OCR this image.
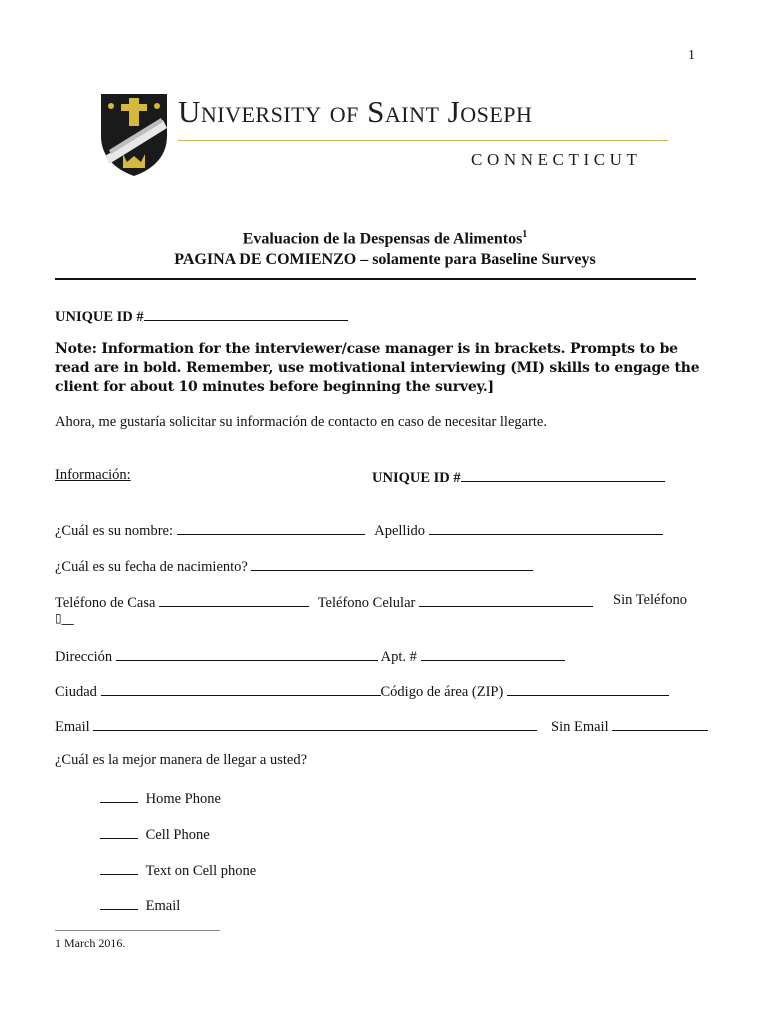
1
University of Saint Joseph
CONNECTICUT
Evaluacion de la Despensas de Alimentos$^1$
PAGINA DE COMIENZO – solamente para Baseline Surveys
UNIQUE ID #
Note: Information for the interviewer/case manager is in brackets. Prompts to be read are in bold. Remember, use motivational interviewing (MI) skills to engage the client for about 10 minutes before beginning the survey.]
Ahora, me gustaría solicitar su información de contacto en caso de necesitar llegarte.
Información:	UNIQUE ID #
¿Cuál es su nombre:	Apellido
¿Cuál es su fecha de nacimiento?
Teléfono de Casa	Teléfono Celular	Sin Teléfono
▯__
Dirección	Apt. #
Ciudad	Código de área (ZIP)
Email	Sin Email
¿Cuál es la mejor manera de llegar a usted?
Home Phone
Cell Phone
Text on Cell phone
Email
1 March 2016.
